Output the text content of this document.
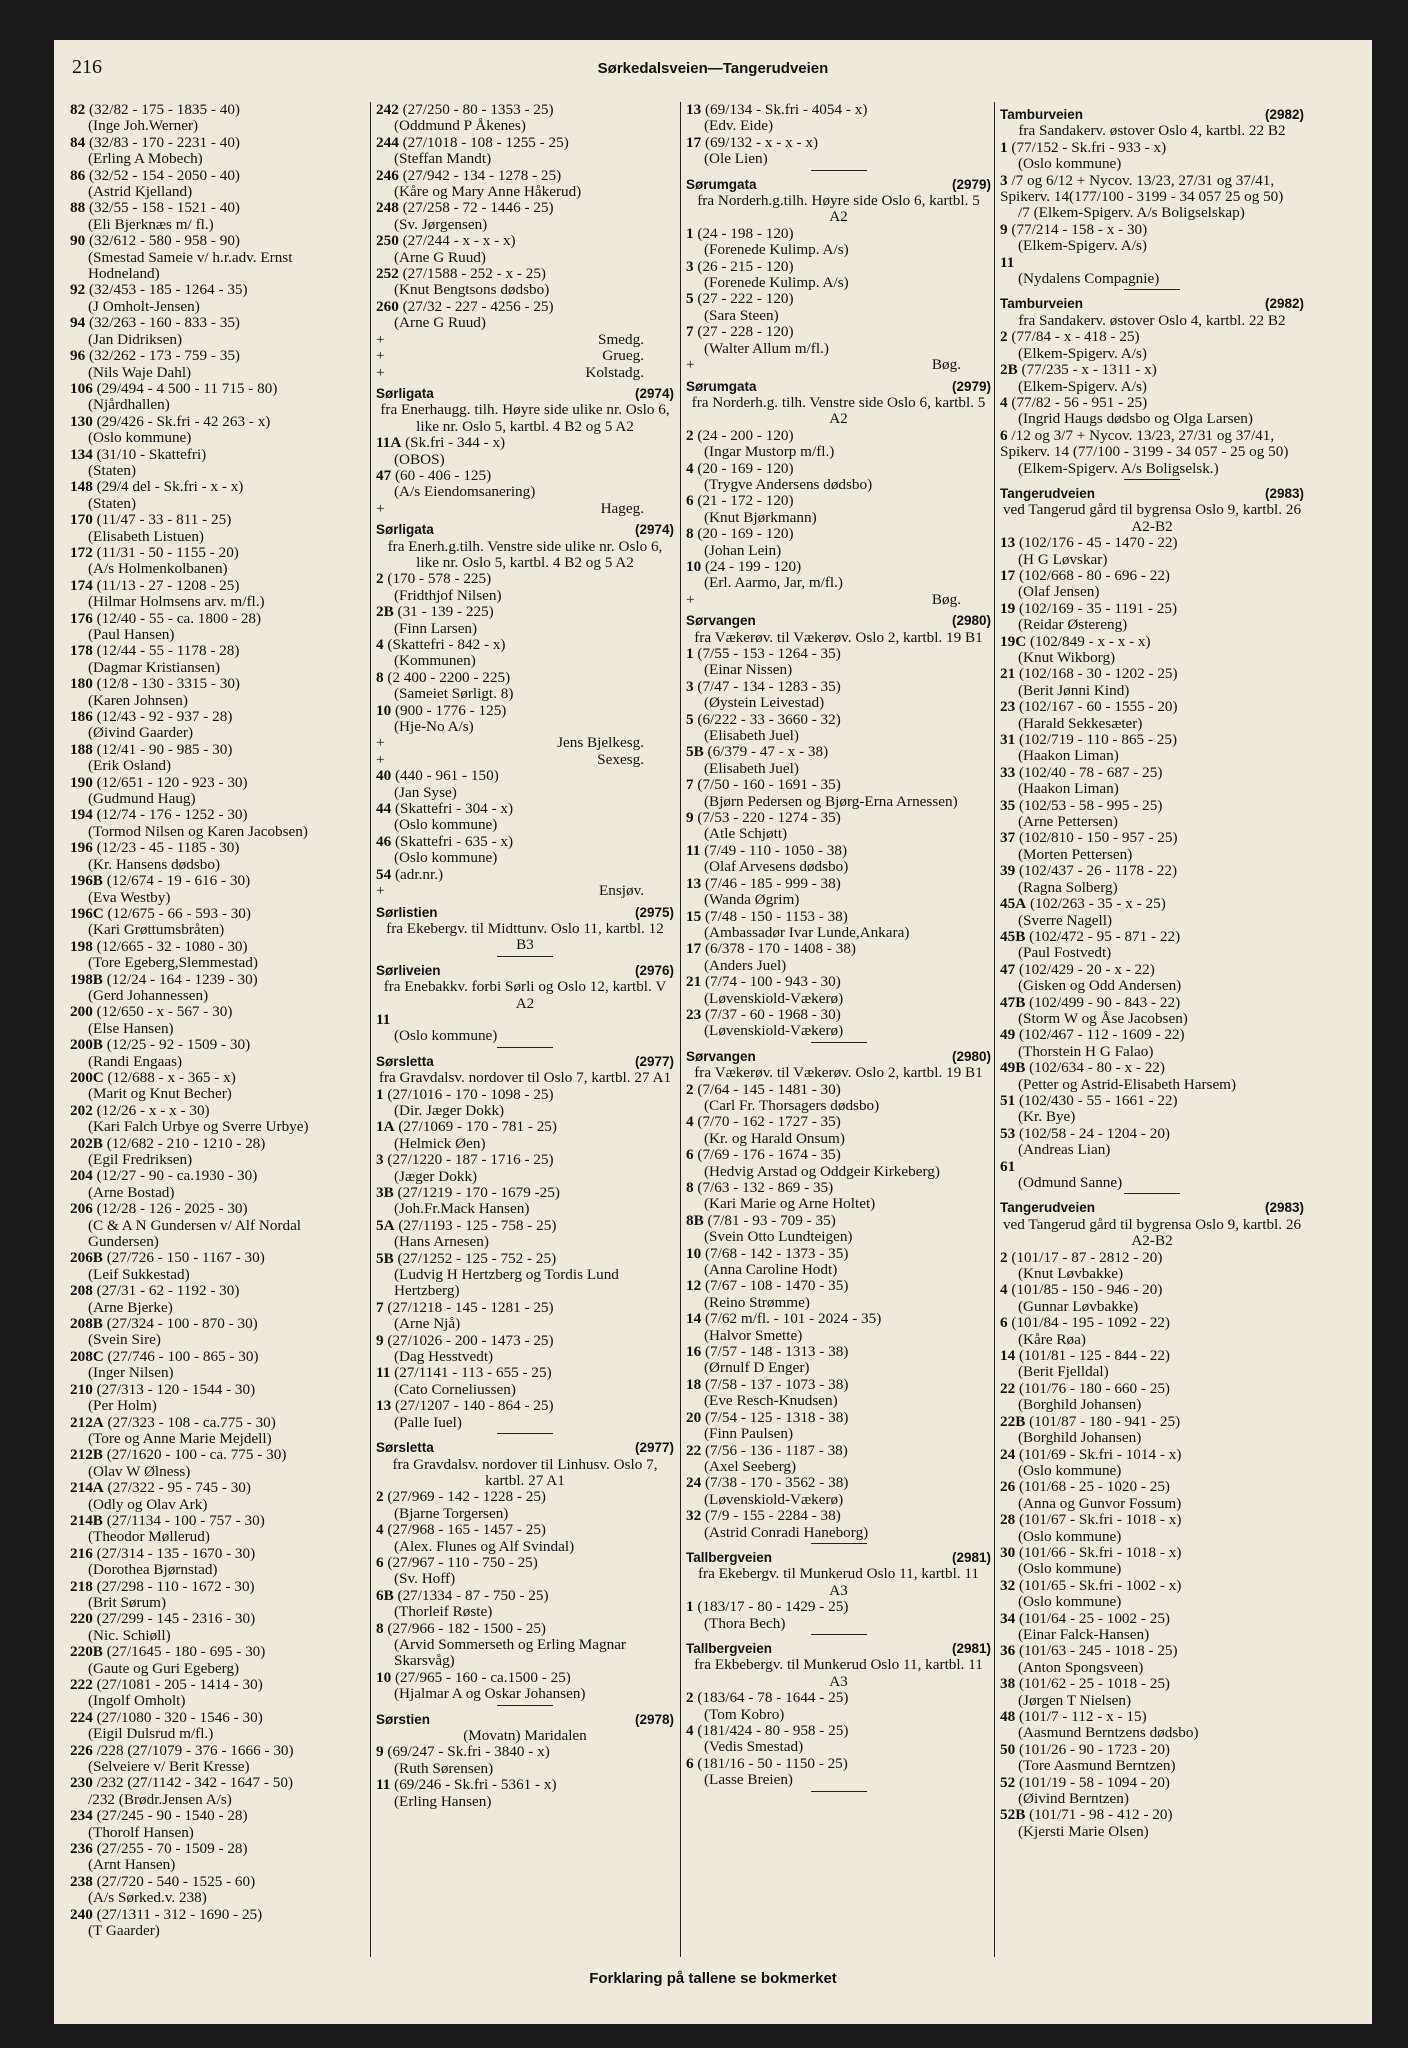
216	Sørkedalsveien—Tangerudveien
82 (32/82 - 175 - 1835 - 40)
(Inge Joh.Werner)
84 (32/83 - 170 - 2231 - 40)
(Erling A Mobech)
86 (32/52 - 154 - 2050 - 40)
(Astrid Kjelland)
88 (32/55 - 158 - 1521 - 40)
(Eli Bjerknæs m/ fl.)
90 (32/612 - 580 - 958 - 90)
(Smestad Sameie v/ h.r.adv. Ernst Hodneland)
92 (32/453 - 185 - 1264 - 35)
(J Omholt-Jensen)
94 (32/263 - 160 - 833 - 35)
(Jan Didriksen)
96 (32/262 - 173 - 759 - 35)
(Nils Waje Dahl)
106 (29/494 - 4 500 - 11 715 - 80)
(Njårdhallen)
130 (29/426 - Sk.fri - 42 263 - x)
(Oslo kommune)
134 (31/10 - Skattefri)
(Staten)
148 (29/4 del - Sk.fri - x - x)
(Staten)
170 (11/47 - 33 - 811 - 25)
(Elisabeth Listuen)
172 (11/31 - 50 - 1155 - 20)
(A/s Holmenkolbanen)
174 (11/13 - 27 - 1208 - 25)
(Hilmar Holmsens arv. m/fl.)
176 (12/40 - 55 - ca. 1800 - 28)
(Paul Hansen)
178 (12/44 - 55 - 1178 - 28)
(Dagmar Kristiansen)
180 (12/8 - 130 - 3315 - 30)
(Karen Johnsen)
186 (12/43 - 92 - 937 - 28)
(Øivind Gaarder)
188 (12/41 - 90 - 985 - 30)
(Erik Osland)
190 (12/651 - 120 - 923 - 30)
(Gudmund Haug)
194 (12/74 - 176 - 1252 - 30)
(Tormod Nilsen og Karen Jacobsen)
196 (12/23 - 45 - 1185 - 30)
(Kr. Hansens dødsbo)
196B (12/674 - 19 - 616 - 30)
(Eva Westby)
196C (12/675 - 66 - 593 - 30)
(Kari Grøttumsbråten)
198 (12/665 - 32 - 1080 - 30)
(Tore Egeberg,Slemmestad)
198B (12/24 - 164 - 1239 - 30)
(Gerd Johannessen)
200 (12/650 - x - 567 - 30)
(Else Hansen)
200B (12/25 - 92 - 1509 - 30)
(Randi Engaas)
200C (12/688 - x - 365 - x)
(Marit og Knut Becher)
202 (12/26 - x - x - 30)
(Kari Falch Urbye og Sverre Urbye)
202B (12/682 - 210 - 1210 - 28)
(Egil Fredriksen)
204 (12/27 - 90 - ca.1930 - 30)
(Arne Bostad)
206 (12/28 - 126 - 2025 - 30)
(C & A N Gundersen v/ Alf Nordal Gundersen)
206B (27/726 - 150 - 1167 - 30)
(Leif Sukkestad)
208 (27/31 - 62 - 1192 - 30)
(Arne Bjerke)
208B (27/324 - 100 - 870 - 30)
(Svein Sire)
208C (27/746 - 100 - 865 - 30)
(Inger Nilsen)
210 (27/313 - 120 - 1544 - 30)
(Per Holm)
212A (27/323 - 108 - ca.775 - 30)
(Tore og Anne Marie Mejdell)
212B (27/1620 - 100 - ca. 775 - 30)
(Olav W Ølness)
214A (27/322 - 95 - 745 - 30)
(Odly og Olav Ark)
214B (27/1134 - 100 - 757 - 30)
(Theodor Møllerud)
216 (27/314 - 135 - 1670 - 30)
(Dorothea Bjørnstad)
218 (27/298 - 110 - 1672 - 30)
(Brit Sørum)
220 (27/299 - 145 - 2316 - 30)
(Nic. Schiøll)
220B (27/1645 - 180 - 695 - 30)
(Gaute og Guri Egeberg)
222 (27/1081 - 205 - 1414 - 30)
(Ingolf Omholt)
224 (27/1080 - 320 - 1546 - 30)
(Eigil Dulsrud m/fl.)
226 /228 (27/1079 - 376 - 1666 - 30)
(Selveiere v/ Berit Kresse)
230 /232 (27/1142 - 342 - 1647 - 50)
/232 (Brødr.Jensen A/s)
234 (27/245 - 90 - 1540 - 28)
(Thorolf Hansen)
236 (27/255 - 70 - 1509 - 28)
(Arnt Hansen)
238 (27/720 - 540 - 1525 - 60)
(A/s Sørked.v. 238)
240 (27/1311 - 312 - 1690 - 25)
(T Gaarder)
242 (27/250 - 80 - 1353 - 25)
(Oddmund P Åkenes)
244 (27/1018 - 108 - 1255 - 25)
(Steffan Mandt)
246 (27/942 - 134 - 1278 - 25)
(Kåre og Mary Anne Håkerud)
248 (27/258 - 72 - 1446 - 25)
(Sv. Jørgensen)
250 (27/244 - x - x - x)
(Arne G Ruud)
252 (27/1588 - 252 - x - 25)
(Knut Bengtsons dødsbo)
260 (27/32 - 227 - 4256 - 25)
(Arne G Ruud)
+	Smedg.
+	Grueg.
+	Kolstadg.
Sørligata	(2974)
fra Enerhaugg. tilh. Høyre side ulike nr. Oslo 6, like nr. Oslo 5, kartbl. 4 B2 og 5 A2
11A (Sk.fri - 344 - x)
(OBOS)
47 (60 - 406 - 125)
(A/s Eiendomsanering)
+	Hageg.
Sørligata	(2974)
fra Enerh.g.tilh. Venstre side ulike nr. Oslo 6, like nr. Oslo 5, kartbl. 4 B2 og 5 A2
2 (170 - 578 - 225)
(Fridthjof Nilsen)
2B (31 - 139 - 225)
(Finn Larsen)
4 (Skattefri - 842 - x)
(Kommunen)
8 (2 400 - 2200 - 225)
(Sameiet Sørligt. 8)
10 (900 - 1776 - 125)
(Hje-No A/s)
+	Jens Bjelkesg.
+	Sexesg.
40 (440 - 961 - 150)
(Jan Syse)
44 (Skattefri - 304 - x)
(Oslo kommune)
46 (Skattefri - 635 - x)
(Oslo kommune)
54 (adr.nr.)
+	Ensjøv.
Sørlistien	(2975)
fra Ekebergv. til Midttunv. Oslo 11, kartbl. 12 B3
Sørliveien	(2976)
fra Enebakkv. forbi Sørli og Oslo 12, kartbl. V A2
11
(Oslo kommune)
Sørsletta	(2977)
fra Gravdalsv. nordover til Oslo 7, kartbl. 27 A1
1 (27/1016 - 170 - 1098 - 25)
(Dir. Jæger Dokk)
1A (27/1069 - 170 - 781 - 25)
(Helmick Øen)
3 (27/1220 - 187 - 1716 - 25)
(Jæger Dokk)
3B (27/1219 - 170 - 1679 -25)
(Joh.Fr.Mack Hansen)
5A (27/1193 - 125 - 758 - 25)
(Hans Arnesen)
5B (27/1252 - 125 - 752 - 25)
(Ludvig H Hertzberg og Tordis Lund Hertzberg)
7 (27/1218 - 145 - 1281 - 25)
(Arne Njå)
9 (27/1026 - 200 - 1473 - 25)
(Dag Hesstvedt)
11 (27/1141 - 113 - 655 - 25)
(Cato Corneliussen)
13 (27/1207 - 140 - 864 - 25)
(Palle Iuel)
Sørsletta	(2977)
fra Gravdalsv. nordover til Linhusv. Oslo 7, kartbl. 27 A1
2 (27/969 - 142 - 1228 - 25)
(Bjarne Torgersen)
4 (27/968 - 165 - 1457 - 25)
(Alex. Flunes og Alf Svindal)
6 (27/967 - 110 - 750 - 25)
(Sv. Hoff)
6B (27/1334 - 87 - 750 - 25)
(Thorleif Røste)
8 (27/966 - 182 - 1500 - 25)
(Arvid Sommerseth og Erling Magnar Skarsvåg)
10 (27/965 - 160 - ca.1500 - 25)
(Hjalmar A og Oskar Johansen)
Sørstien	(2978)
(Movatn) Maridalen
9 (69/247 - Sk.fri - 3840 - x)
(Ruth Sørensen)
11 (69/246 - Sk.fri - 5361 - x)
(Erling Hansen)
13 (69/134 - Sk.fri - 4054 - x)
(Edv. Eide)
17 (69/132 - x - x - x)
(Ole Lien)
Sørumgata	(2979)
fra Norderh.g.tilh. Høyre side Oslo 6, kartbl. 5 A2
1 (24 - 198 - 120)
(Forenede Kulimp. A/s)
3 (26 - 215 - 120)
(Forenede Kulimp. A/s)
5 (27 - 222 - 120)
(Sara Steen)
7 (27 - 228 - 120)
(Walter Allum m/fl.)
+	Bøg.
Sørumgata	(2979)
fra Norderh.g. tilh. Venstre side Oslo 6, kartbl. 5 A2
2 (24 - 200 - 120)
(Ingar Mustorp m/fl.)
4 (20 - 169 - 120)
(Trygve Andersens dødsbo)
6 (21 - 172 - 120)
(Knut Bjørkmann)
8 (20 - 169 - 120)
(Johan Lein)
10 (24 - 199 - 120)
(Erl. Aarmo, Jar, m/fl.)
+	Bøg.
Sørvangen	(2980)
fra Vækerøv. til Vækerøv. Oslo 2, kartbl. 19 B1
1 (7/55 - 153 - 1264 - 35)
(Einar Nissen)
3 (7/47 - 134 - 1283 - 35)
(Øystein Leivestad)
5 (6/222 - 33 - 3660 - 32)
(Elisabeth Juel)
5B (6/379 - 47 - x - 38)
(Elisabeth Juel)
7 (7/50 - 160 - 1691 - 35)
(Bjørn Pedersen og Bjørg-Erna Arnessen)
9 (7/53 - 220 - 1274 - 35)
(Atle Schjøtt)
11 (7/49 - 110 - 1050 - 38)
(Olaf Arvesens dødsbo)
13 (7/46 - 185 - 999 - 38)
(Wanda Øgrim)
15 (7/48 - 150 - 1153 - 38)
(Ambassadør Ivar Lunde,Ankara)
17 (6/378 - 170 - 1408 - 38)
(Anders Juel)
21 (7/74 - 100 - 943 - 30)
(Løvenskiold-Vækerø)
23 (7/37 - 60 - 1968 - 30)
(Løvenskiold-Vækerø)
Sørvangen	(2980)
fra Vækerøv. til Vækerøv. Oslo 2, kartbl. 19 B1
2 (7/64 - 145 - 1481 - 30)
(Carl Fr. Thorsagers dødsbo)
4 (7/70 - 162 - 1727 - 35)
(Kr. og Harald Onsum)
6 (7/69 - 176 - 1674 - 35)
(Hedvig Arstad og Oddgeir Kirkeberg)
8 (7/63 - 132 - 869 - 35)
(Kari Marie og Arne Holtet)
8B (7/81 - 93 - 709 - 35)
(Svein Otto Lundteigen)
10 (7/68 - 142 - 1373 - 35)
(Anna Caroline Hodt)
12 (7/67 - 108 - 1470 - 35)
(Reino Strømme)
14 (7/62 m/fl. - 101 - 2024 - 35)
(Halvor Smette)
16 (7/57 - 148 - 1313 - 38)
(Ørnulf D Enger)
18 (7/58 - 137 - 1073 - 38)
(Eve Resch-Knudsen)
20 (7/54 - 125 - 1318 - 38)
(Finn Paulsen)
22 (7/56 - 136 - 1187 - 38)
(Axel Seeberg)
24 (7/38 - 170 - 3562 - 38)
(Løvenskiold-Vækerø)
32 (7/9 - 155 - 2284 - 38)
(Astrid Conradi Haneborg)
Tallbergveien	(2981)
fra Ekebergv. til Munkerud Oslo 11, kartbl. 11 A3
1 (183/17 - 80 - 1429 - 25)
(Thora Bech)
Tallbergveien	(2981)
fra Ekbebergv. til Munkerud Oslo 11, kartbl. 11 A3
2 (183/64 - 78 - 1644 - 25)
(Tom Kobro)
4 (181/424 - 80 - 958 - 25)
(Vedis Smestad)
6 (181/16 - 50 - 1150 - 25)
(Lasse Breien)
Tamburveien	(2982)
fra Sandakerv. østover Oslo 4, kartbl. 22 B2
1 (77/152 - Sk.fri - 933 - x)
(Oslo kommune)
3 /7 og 6/12 + Nycov. 13/23, 27/31 og 37/41, Spikerv. 14(177/100 - 3199 - 34 057 25 og 50)
/7 (Elkem-Spigerv. A/s Boligselskap)
9 (77/214 - 158 - x - 30)
(Elkem-Spigerv. A/s)
11
(Nydalens Compagnie)
Tamburveien	(2982)
fra Sandakerv. østover Oslo 4, kartbl. 22 B2
2 (77/84 - x - 418 - 25)
(Elkem-Spigerv. A/s)
2B (77/235 - x - 1311 - x)
(Elkem-Spigerv. A/s)
4 (77/82 - 56 - 951 - 25)
(Ingrid Haugs dødsbo og Olga Larsen)
6 /12 og 3/7 + Nycov. 13/23, 27/31 og 37/41, Spikerv. 14 (77/100 - 3199 - 34 057 - 25 og 50)
(Elkem-Spigerv. A/s Boligselsk.)
Tangerudveien	(2983)
ved Tangerud gård til bygrensa Oslo 9, kartbl. 26 A2-B2
13 (102/176 - 45 - 1470 - 22)
(H G Løvskar)
17 (102/668 - 80 - 696 - 22)
(Olaf Jensen)
19 (102/169 - 35 - 1191 - 25)
(Reidar Østereng)
19C (102/849 - x - x - x)
(Knut Wikborg)
21 (102/168 - 30 - 1202 - 25)
(Berit Jønni Kind)
23 (102/167 - 60 - 1555 - 20)
(Harald Sekkesæter)
31 (102/719 - 110 - 865 - 25)
(Haakon Liman)
33 (102/40 - 78 - 687 - 25)
(Haakon Liman)
35 (102/53 - 58 - 995 - 25)
(Arne Pettersen)
37 (102/810 - 150 - 957 - 25)
(Morten Pettersen)
39 (102/437 - 26 - 1178 - 22)
(Ragna Solberg)
45A (102/263 - 35 - x - 25)
(Sverre Nagell)
45B (102/472 - 95 - 871 - 22)
(Paul Fostvedt)
47 (102/429 - 20 - x - 22)
(Gisken og Odd Andersen)
47B (102/499 - 90 - 843 - 22)
(Storm W og Åse Jacobsen)
49 (102/467 - 112 - 1609 - 22)
(Thorstein H G Falao)
49B (102/634 - 80 - x - 22)
(Petter og Astrid-Elisabeth Harsem)
51 (102/430 - 55 - 1661 - 22)
(Kr. Bye)
53 (102/58 - 24 - 1204 - 20)
(Andreas Lian)
61
(Odmund Sanne)
Tangerudveien	(2983)
ved Tangerud gård til bygrensa Oslo 9, kartbl. 26 A2-B2
2 (101/17 - 87 - 2812 - 20)
(Knut Løvbakke)
4 (101/85 - 150 - 946 - 20)
(Gunnar Løvbakke)
6 (101/84 - 195 - 1092 - 22)
(Kåre Røa)
14 (101/81 - 125 - 844 - 22)
(Berit Fjelldal)
22 (101/76 - 180 - 660 - 25)
(Borghild Johansen)
22B (101/87 - 180 - 941 - 25)
(Borghild Johansen)
24 (101/69 - Sk.fri - 1014 - x)
(Oslo kommune)
26 (101/68 - 25 - 1020 - 25)
(Anna og Gunvor Fossum)
28 (101/67 - Sk.fri - 1018 - x)
(Oslo kommune)
30 (101/66 - Sk.fri - 1018 - x)
(Oslo kommune)
32 (101/65 - Sk.fri - 1002 - x)
(Oslo kommune)
34 (101/64 - 25 - 1002 - 25)
(Einar Falck-Hansen)
36 (101/63 - 245 - 1018 - 25)
(Anton Spongsveen)
38 (101/62 - 25 - 1018 - 25)
(Jørgen T Nielsen)
48 (101/7 - 112 - x - 15)
(Aasmund Berntzens dødsbo)
50 (101/26 - 90 - 1723 - 20)
(Tore Aasmund Berntzen)
52 (101/19 - 58 - 1094 - 20)
(Øivind Berntzen)
52B (101/71 - 98 - 412 - 20)
(Kjersti Marie Olsen)
Forklaring på tallene se bokmerket
